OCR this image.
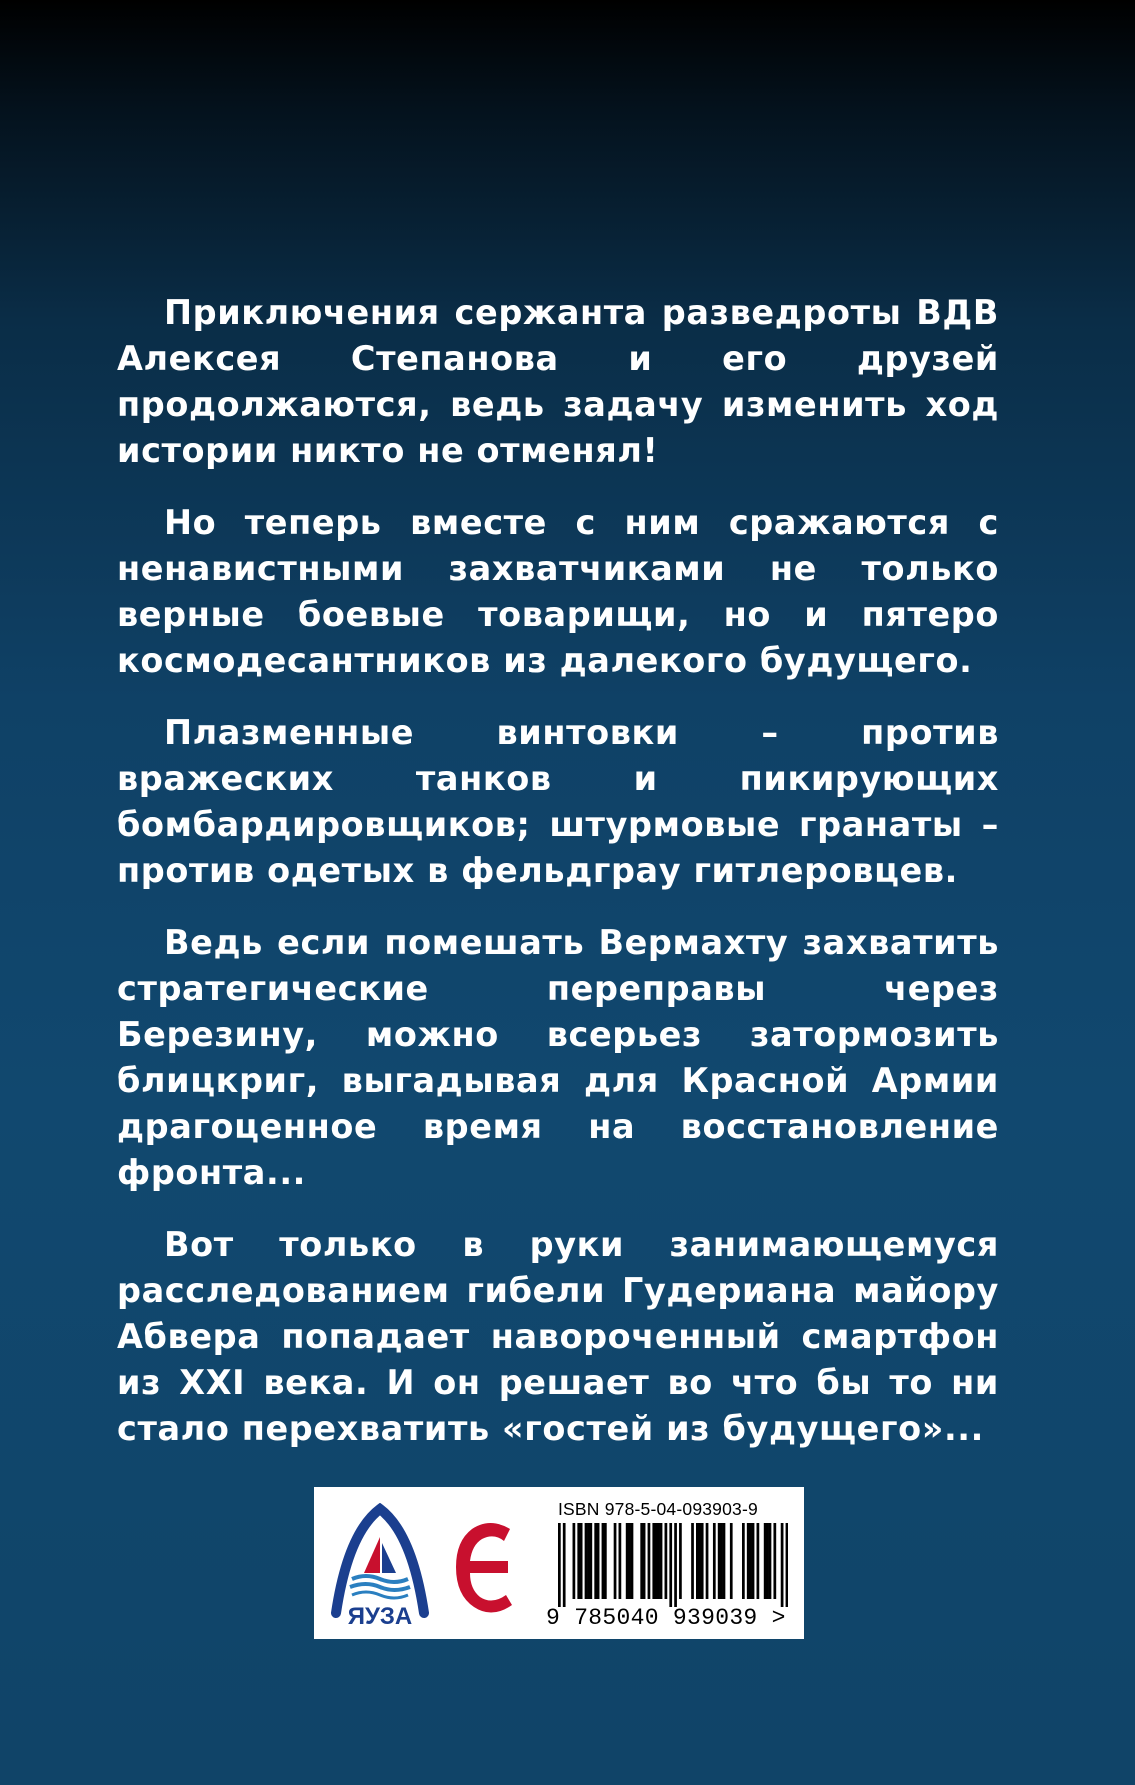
Приключения сержанта разведроты ВДВ Алексея Степанова и его друзей продолжаются, ведь задачу изменить ход истории никто не отменял!

Но теперь вместе с ним сражаются с ненавистными захватчиками не только верные боевые товарищи, но и пятеро космодесантников из далекого будущего.

Плазменные винтовки – против вражеских танков и пикирующих бомбардировщиков; штурмовые гранаты – против одетых в фельдграу гитлеровцев.

Ведь если помешать Вермахту захватить стратегические переправы через Березину, можно всерьез затормозить блицкриг, выгадывая для Красной Армии драгоценное время на восстановление фронта...

Вот только в руки занимающемуся расследованием гибели Гудериана майору Абвера попадает навороченный смартфон из XXI века. И он решает во что бы то ни стало перехватить «гостей из будущего»...

ЯУЗА
ISBN 978-5-04-093903-9
9 785040 939039 >
